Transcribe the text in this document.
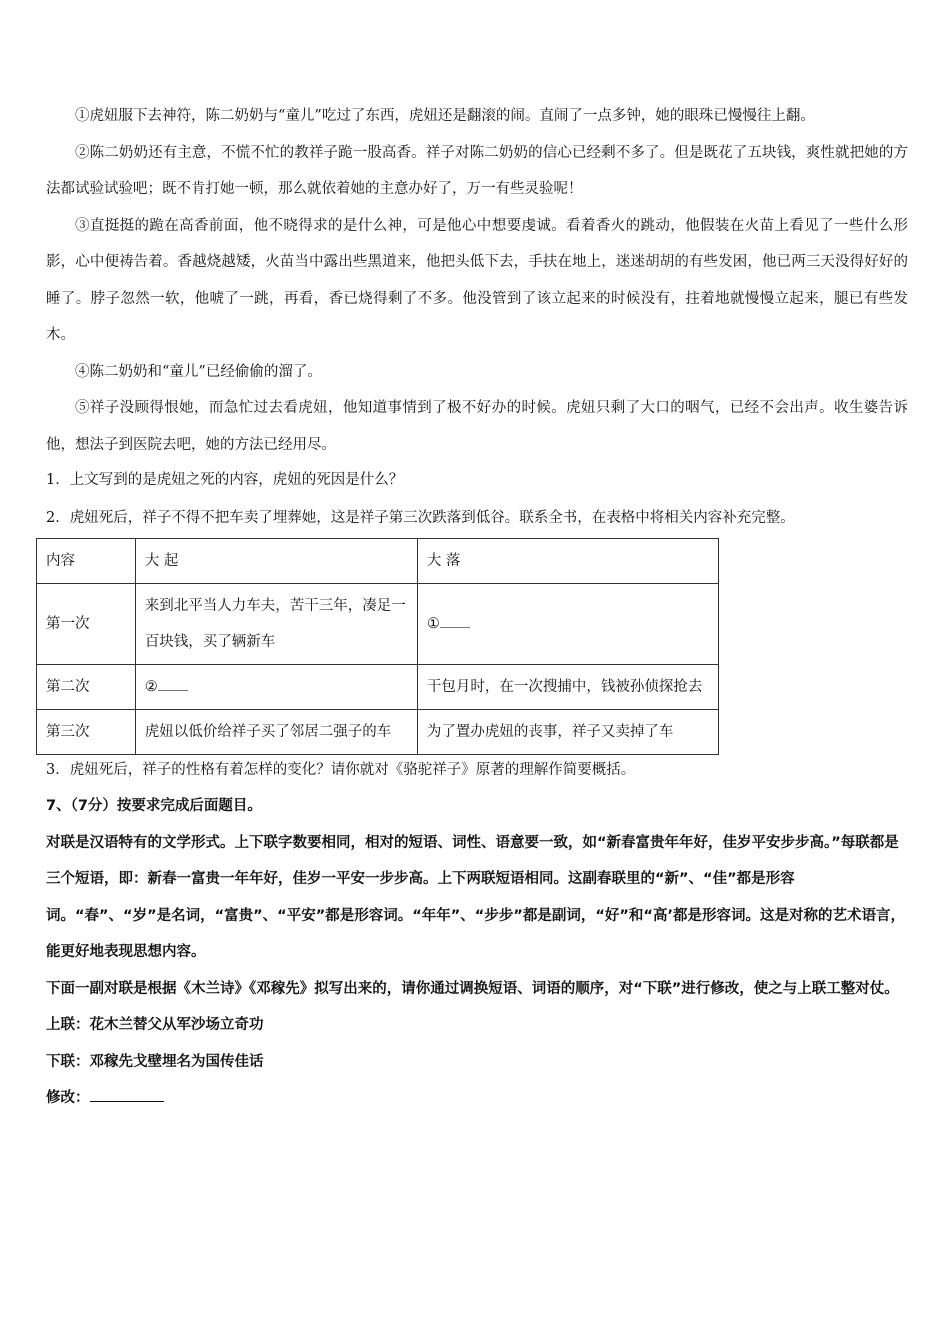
①虎妞服下去神符，陈二奶奶与“童儿”吃过了东西，虎妞还是翻滚的闹。直闹了一点多钟，她的眼珠已慢慢往上翻。

②陈二奶奶还有主意，不慌不忙的教祥子跪一股高香。祥子对陈二奶奶的信心已经剩不多了。但是既花了五块钱，爽性就把她的方法都试验试验吧；既不肯打她一顿，那么就依着她的主意办好了，万一有些灵验呢！

③直挺挺的跪在高香前面，他不晓得求的是什么神，可是他心中想要虔诚。看着香火的跳动，他假装在火苗上看见了一些什么形影，心中便祷告着。香越烧越矮，火苗当中露出些黑道来，他把头低下去，手扶在地上，迷迷胡胡的有些发困，他已两三天没得好好的睡了。脖子忽然一软，他唬了一跳，再看，香已烧得剩了不多。他没管到了该立起来的时候没有，拄着地就慢慢立起来，腿已有些发木。

④陈二奶奶和“童儿”已经偷偷的溜了。

⑤祥子没顾得恨她，而急忙过去看虎妞，他知道事情到了极不好办的时候。虎妞只剩了大口的咽气，已经不会出声。收生婆告诉他，想法子到医院去吧，她的方法已经用尽。

1．上文写到的是虎妞之死的内容，虎妞的死因是什么？

2．虎妞死后，祥子不得不把车卖了埋葬她，这是祥子第三次跌落到低谷。联系全书，在表格中将相关内容补充完整。

内容	大 起	大 落
第一次	来到北平当人力车夫，苦干三年，凑足一百块钱，买了辆新车	①
第二次	②	干包月时，在一次搜捕中，钱被孙侦探抢去
第三次	虎妞以低价给祥子买了邻居二强子的车	为了置办虎妞的丧事，祥子又卖掉了车

3．虎妞死后，祥子的性格有着怎样的变化？请你就对《骆驼祥子》原著的理解作简要概括。

7、（7分）按要求完成后面题目。

对联是汉语特有的文学形式。上下联字数要相同，相对的短语、词性、语意要一致，如“新春富贵年年好，佳岁平安步步高。”每联都是三个短语，即：新春一富贵一年年好，佳岁一平安一步步高。上下两联短语相同。这副春联里的“新”、“佳”都是形容词。“春”、“岁”是名词，“富贵”、“平安”都是形容词。“年年”、“步步”都是副词，“好”和“高’都是形容词。这是对称的艺术语言，能更好地表现思想内容。

下面一副对联是根据《木兰诗》《邓稼先》拟写出来的，请你通过调换短语、词语的顺序，对“下联”进行修改，使之与上联工整对仗。

上联：花木兰替父从军沙场立奇功

下联：邓稼先戈壁埋名为国传佳话

修改：
